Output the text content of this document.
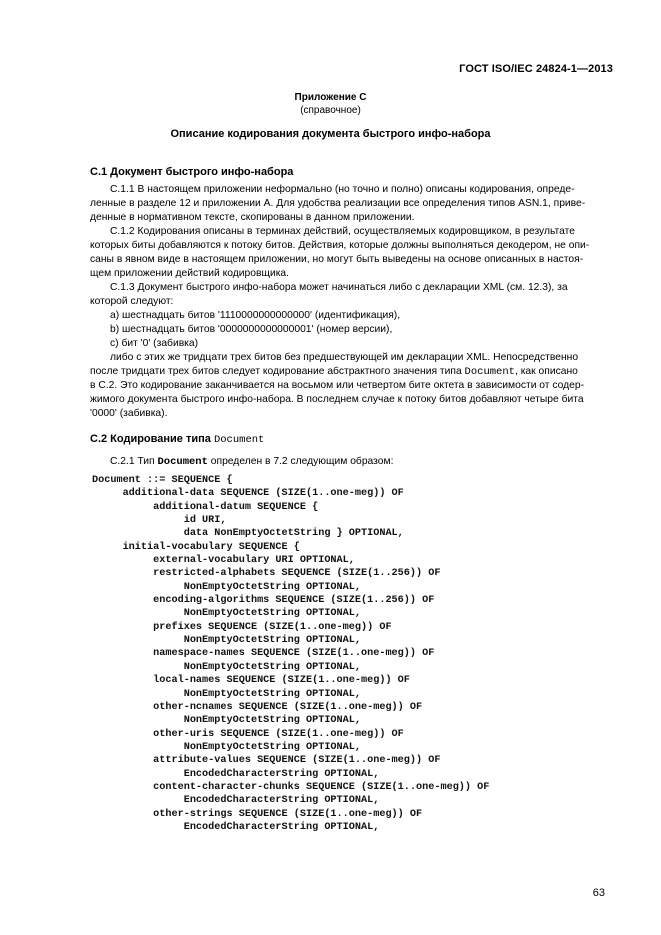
ГОСТ ISO/IEC 24824-1—2013
Приложение C
(справочное)
Описание кодирования документа быстрого инфо-набора
C.1 Документ быстрого инфо-набора
C.1.1 В настоящем приложении неформально (но точно и полно) описаны кодирования, опреде-
ленные в разделе 12 и приложении А. Для удобства реализации все определения типов ASN.1, приве-
денные в нормативном тексте, скопированы в данном приложении.
C.1.2 Кодирования описаны в терминах действий, осуществляемых кодировщиком, в результате
которых биты добавляются к потоку битов. Действия, которые должны выполняться декодером, не опи-
саны в явном виде в настоящем приложении, но могут быть выведены на основе описанных в настоя-
щем приложении действий кодировщика.
C.1.3 Документ быстрого инфо-набора может начинаться либо с декларации XML (см. 12.3), за
которой следуют:
a) шестнадцать битов '1110000000000000' (идентификация),
b) шестнадцать битов '0000000000000001' (номер версии),
c) бит '0' (забивка)
либо с этих же тридцати трех битов без предшествующей им декларации XML. Непосредственно
после тридцати трех битов следует кодирование абстрактного значения типа Document, как описано
в C.2. Это кодирование заканчивается на восьмом или четвертом бите октета в зависимости от содер-
жимого документа быстрого инфо-набора. В последнем случае к потоку битов добавляют четыре бита
'0000' (забивка).
C.2 Кодирование типа Document
C.2.1 Тип Document определен в 7.2 следующим образом:
Document ::= SEQUENCE {
additional-data SEQUENCE (SIZE(1..one-meg)) OF
additional-datum SEQUENCE {
id URI,
data NonEmptyOctetString } OPTIONAL,
initial-vocabulary SEQUENCE {
external-vocabulary URI OPTIONAL,
restricted-alphabets SEQUENCE (SIZE(1..256)) OF
NonEmptyOctetString OPTIONAL,
encoding-algorithms SEQUENCE (SIZE(1..256)) OF
NonEmptyOctetString OPTIONAL,
prefixes SEQUENCE (SIZE(1..one-meg)) OF
NonEmptyOctetString OPTIONAL,
namespace-names SEQUENCE (SIZE(1..one-meg)) OF
NonEmptyOctetString OPTIONAL,
local-names SEQUENCE (SIZE(1..one-meg)) OF
NonEmptyOctetString OPTIONAL,
other-ncnames SEQUENCE (SIZE(1..one-meg)) OF
NonEmptyOctetString OPTIONAL,
other-uris SEQUENCE (SIZE(1..one-meg)) OF
NonEmptyOctetString OPTIONAL,
attribute-values SEQUENCE (SIZE(1..one-meg)) OF
EncodedCharacterString OPTIONAL,
content-character-chunks SEQUENCE (SIZE(1..one-meg)) OF
EncodedCharacterString OPTIONAL,
other-strings SEQUENCE (SIZE(1..one-meg)) OF
EncodedCharacterString OPTIONAL,
63
